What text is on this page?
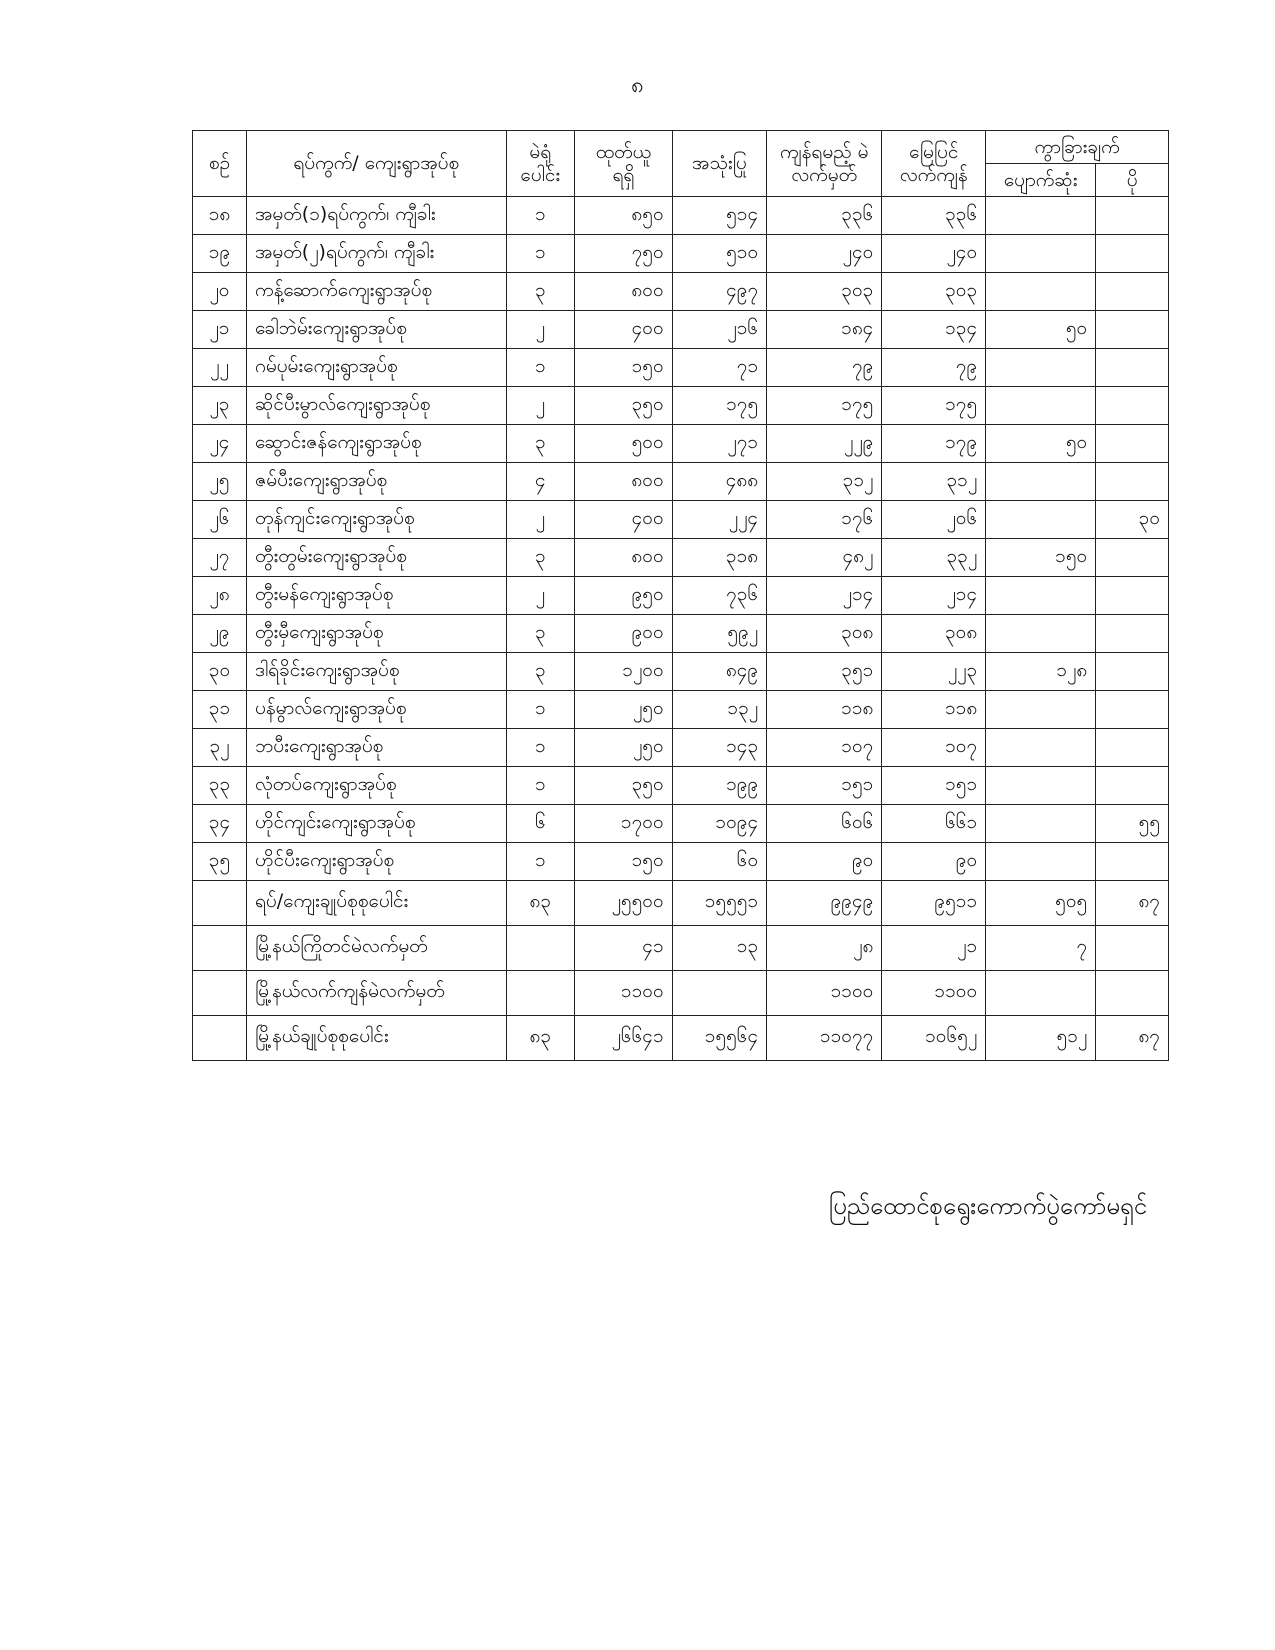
၈
စဉ်	ရပ်ကွက်/ ကျေးရွာအုပ်စု	မဲရုံ ပေါင်း	ထုတ်ယူ ရရှိ	အသုံးပြု	ကျန်ရမည့် မဲလက်မှတ်	မြေပြင် လက်ကျန်	ကွာခြားချက်	
							ပျောက်ဆုံး	ပို
၁၈	အမှတ်(၁)ရပ်ကွက်၊ ကျီခါး	၁	၈၅၀	၅၁၄	၃၃၆	၃၃၆		
၁၉	အမှတ်(၂)ရပ်ကွက်၊ ကျီခါး	၁	၇၅၀	၅၁၀	၂၄၀	၂၄၀		
၂၀	ကန့်ဆောက်ကျေးရွာအုပ်စု	၃	၈၀၀	၄၉၇	၃၀၃	၃၀၃		
၂၁	ခေါဘဲမ်းကျေးရွာအုပ်စု	၂	၄၀၀	၂၁၆	၁၈၄	၁၃၄	၅၀	
၂၂	ဂမ်ပုမ်းကျေးရွာအုပ်စု	၁	၁၅၀	၇၁	၇၉	၇၉		
၂၃	ဆိုင်ပီးမွာလ်ကျေးရွာအုပ်စု	၂	၃၅၀	၁၇၅	၁၇၅	၁၇၅		
၂၄	ဆွောင်းဇန်ကျေးရွာအုပ်စု	၃	၅၀၀	၂၇၁	၂၂၉	၁၇၉	၅၀	
၂၅	ဇမ်ပီးကျေးရွာအုပ်စု	၄	၈၀၀	၄၈၈	၃၁၂	၃၁၂		
၂၆	တုန်ကျင်းကျေးရွာအုပ်စု	၂	၄၀၀	၂၂၄	၁၇၆	၂၀၆		၃၀
၂၇	တွီးတွမ်းကျေးရွာအုပ်စု	၃	၈၀၀	၃၁၈	၄၈၂	၃၃၂	၁၅၀	
၂၈	တွီးမန်ကျေးရွာအုပ်စု	၂	၉၅၀	၇၃၆	၂၁၄	၂၁၄		
၂၉	တွီးမှီကျေးရွာအုပ်စု	၃	၉၀၀	၅၉၂	၃၀၈	၃၀၈		
၃၀	ဒါရ်ခိုင်းကျေးရွာအုပ်စု	၃	၁၂၀၀	၈၄၉	၃၅၁	၂၂၃	၁၂၈	
၃၁	ပန်မွာလ်ကျေးရွာအုပ်စု	၁	၂၅၀	၁၃၂	၁၁၈	၁၁၈		
၃၂	ဘပီးကျေးရွာအုပ်စု	၁	၂၅၀	၁၄၃	၁၀၇	၁၀၇		
၃၃	လုံတပ်ကျေးရွာအုပ်စု	၁	၃၅၀	၁၉၉	၁၅၁	၁၅၁		
၃၄	ဟိုင်ကျင်းကျေးရွာအုပ်စု	၆	၁၇၀၀	၁၀၉၄	၆၀၆	၆၆၁		၅၅
၃၅	ဟိုင်ပီးကျေးရွာအုပ်စု	၁	၁၅၀	၆၀	၉၀	၉၀		
	ရပ်/ကျေးချုပ်စုစုပေါင်း	၈၃	၂၅၅၀၀	၁၅၅၅၁	၉၉၄၉	၉၅၁၁	၅၀၅	၈၇
	မြို့နယ်ကြိုတင်မဲလက်မှတ်		၄၁	၁၃	၂၈	၂၁	၇	
	မြို့နယ်လက်ကျန်မဲလက်မှတ်		၁၁၀၀		၁၁၀၀	၁၁၀၀		
	မြို့နယ်ချုပ်စုစုပေါင်း	၈၃	၂၆၆၄၁	၁၅၅၆၄	၁၁၀၇၇	၁၀၆၅၂	၅၁၂	၈၇
ပြည်ထောင်စုရွေးကောက်ပွဲကော်မရှင်
